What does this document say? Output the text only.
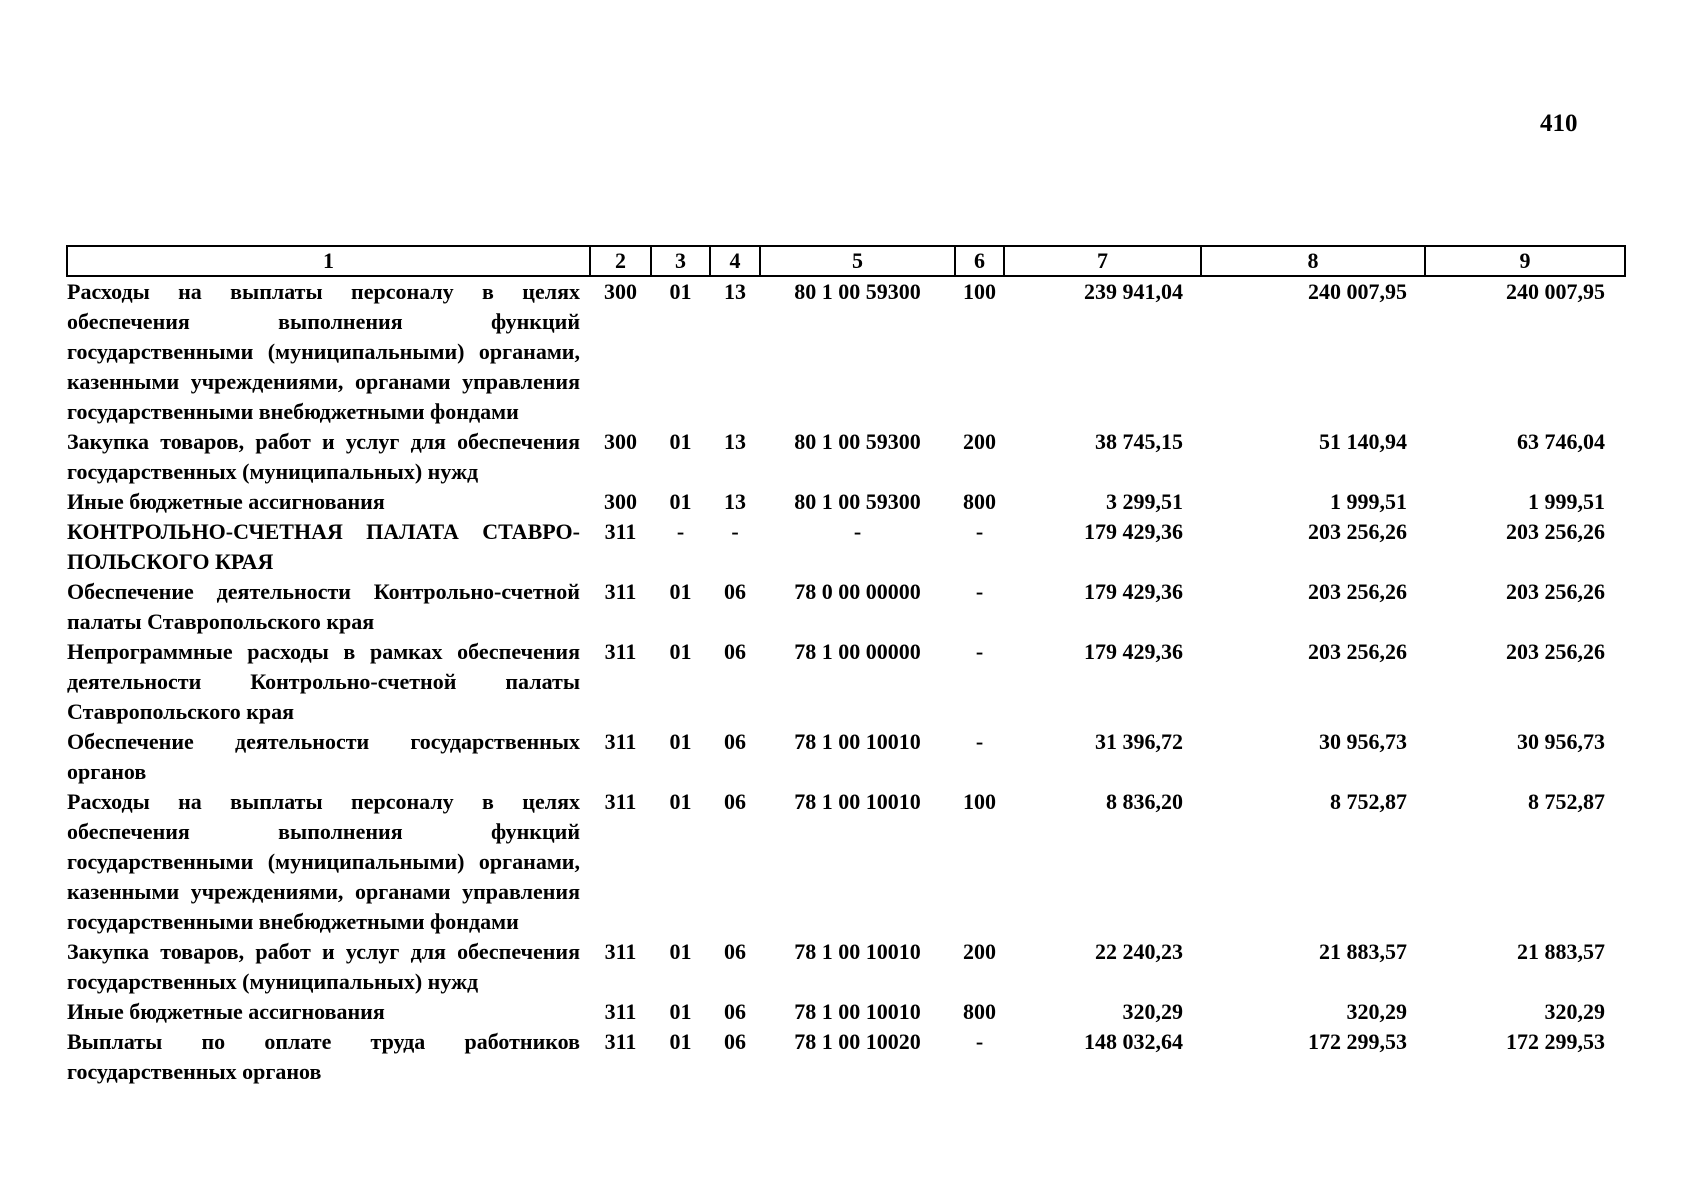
410
1	2	3	4	5	6	7	8	9
Расходы на выплаты персоналу в целях обеспечения выполнения функций государственными (муниципальными) органами, казенными учреждениями, органами управления государственными внебюджетными фондами	300	01	13	80 1 00 59300	100	239 941,04	240 007,95	240 007,95
Закупка товаров, работ и услуг для обеспечения государственных (муниципальных) нужд	300	01	13	80 1 00 59300	200	38 745,15	51 140,94	63 746,04
Иные бюджетные ассигнования	300	01	13	80 1 00 59300	800	3 299,51	1 999,51	1 999,51
КОНТРОЛЬНО-СЧЕТНАЯ ПАЛАТА СТАВРО-ПОЛЬСКОГО КРАЯ	311	-	-	-	-	179 429,36	203 256,26	203 256,26
Обеспечение деятельности Контрольно-счетной палаты Ставропольского края	311	01	06	78 0 00 00000	-	179 429,36	203 256,26	203 256,26
Непрограммные расходы в рамках обеспечения деятельности Контрольно-счетной палаты Ставропольского края	311	01	06	78 1 00 00000	-	179 429,36	203 256,26	203 256,26
Обеспечение деятельности государственных органов	311	01	06	78 1 00 10010	-	31 396,72	30 956,73	30 956,73
Расходы на выплаты персоналу в целях обеспечения выполнения функций государственными (муниципальными) органами, казенными учреждениями, органами управления государственными внебюджетными фондами	311	01	06	78 1 00 10010	100	8 836,20	8 752,87	8 752,87
Закупка товаров, работ и услуг для обеспечения государственных (муниципальных) нужд	311	01	06	78 1 00 10010	200	22 240,23	21 883,57	21 883,57
Иные бюджетные ассигнования	311	01	06	78 1 00 10010	800	320,29	320,29	320,29
Выплаты по оплате труда работников государственных органов	311	01	06	78 1 00 10020	-	148 032,64	172 299,53	172 299,53
